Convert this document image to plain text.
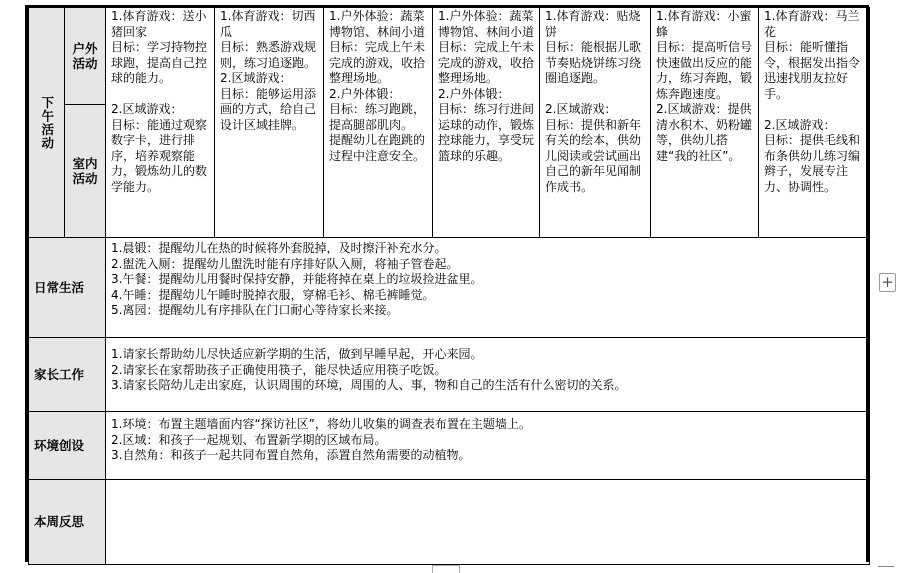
下午活动	户外活动	1.体育游戏：送小猪回家
目标：学习持物控球跑，提高自己控球的能力。
2.区域游戏：
目标：能通过观察数字卡，进行排序，培养观察能力，锻炼幼儿的数学能力。	1.体育游戏：切西瓜
目标：熟悉游戏规则，练习追逐跑。
2.区域游戏：
目标：能够运用添画的方式，给自己设计区域挂牌。	1.户外体验：蔬菜博物馆、林间小道
目标：完成上午未完成的游戏，收拾整理场地。
2.户外体锻：
目标：练习跑跳，提高腿部肌肉。
提醒幼儿在跑跳的过程中注意安全。	1.户外体验：蔬菜博物馆、林间小道
目标：完成上午未完成的游戏，收拾整理场地。
2.户外体锻：
目标：练习行进间运球的动作，锻炼控球能力，享受玩篮球的乐趣。	1.体育游戏：贴烧饼
目标：能根据儿歌节奏贴烧饼练习绕圈追逐跑。
2.区域游戏：
目标：提供和新年有关的绘本，供幼儿阅读或尝试画出自己的新年见闻制作成书。	1.体育游戏：小蜜蜂
目标：提高听信号快速做出反应的能力，练习奔跑，锻炼奔跑速度。
2.区域游戏：提供清水积木、奶粉罐等，供幼儿搭建“我的社区”。	1.体育游戏：马兰花
目标：能听懂指令，根据发出指令迅速找朋友拉好手。
2.区域游戏：
目标：提供毛线和布条供幼儿练习编辫子，发展专注力、协调性。

	室内活动							
日常生活		1.晨锻：提醒幼儿在热的时候将外套脱掉，及时擦汗补充水分。
2.盥洗入厕：提醒幼儿盥洗时能有序排好队入厕，将袖子管卷起。
3.午餐：提醒幼儿用餐时保持安静，并能将掉在桌上的垃圾捡进盆里。
4.午睡：提醒幼儿午睡时脱掉衣服，穿棉毛衫、棉毛裤睡觉。
5.离园：提醒幼儿有序排队在门口耐心等待家长来接。						

家长工作		1.请家长帮助幼儿尽快适应新学期的生活，做到早睡早起，开心来园。
2.请家长在家帮助孩子正确使用筷子，能尽快适应用筷子吃饭。
3.请家长陪幼儿走出家庭，认识周围的环境，周围的人、事，物和自己的生活有什么密切的关系。						

环境创设		1.环境：布置主题墙面内容“探访社区”，将幼儿收集的调查表布置在主题墙上。
2.区域：和孩子一起规划、布置新学期的区域布局。
3.自然角：和孩子一起共同布置自然角，添置自然角需要的动植物。						

本周反思								
+
